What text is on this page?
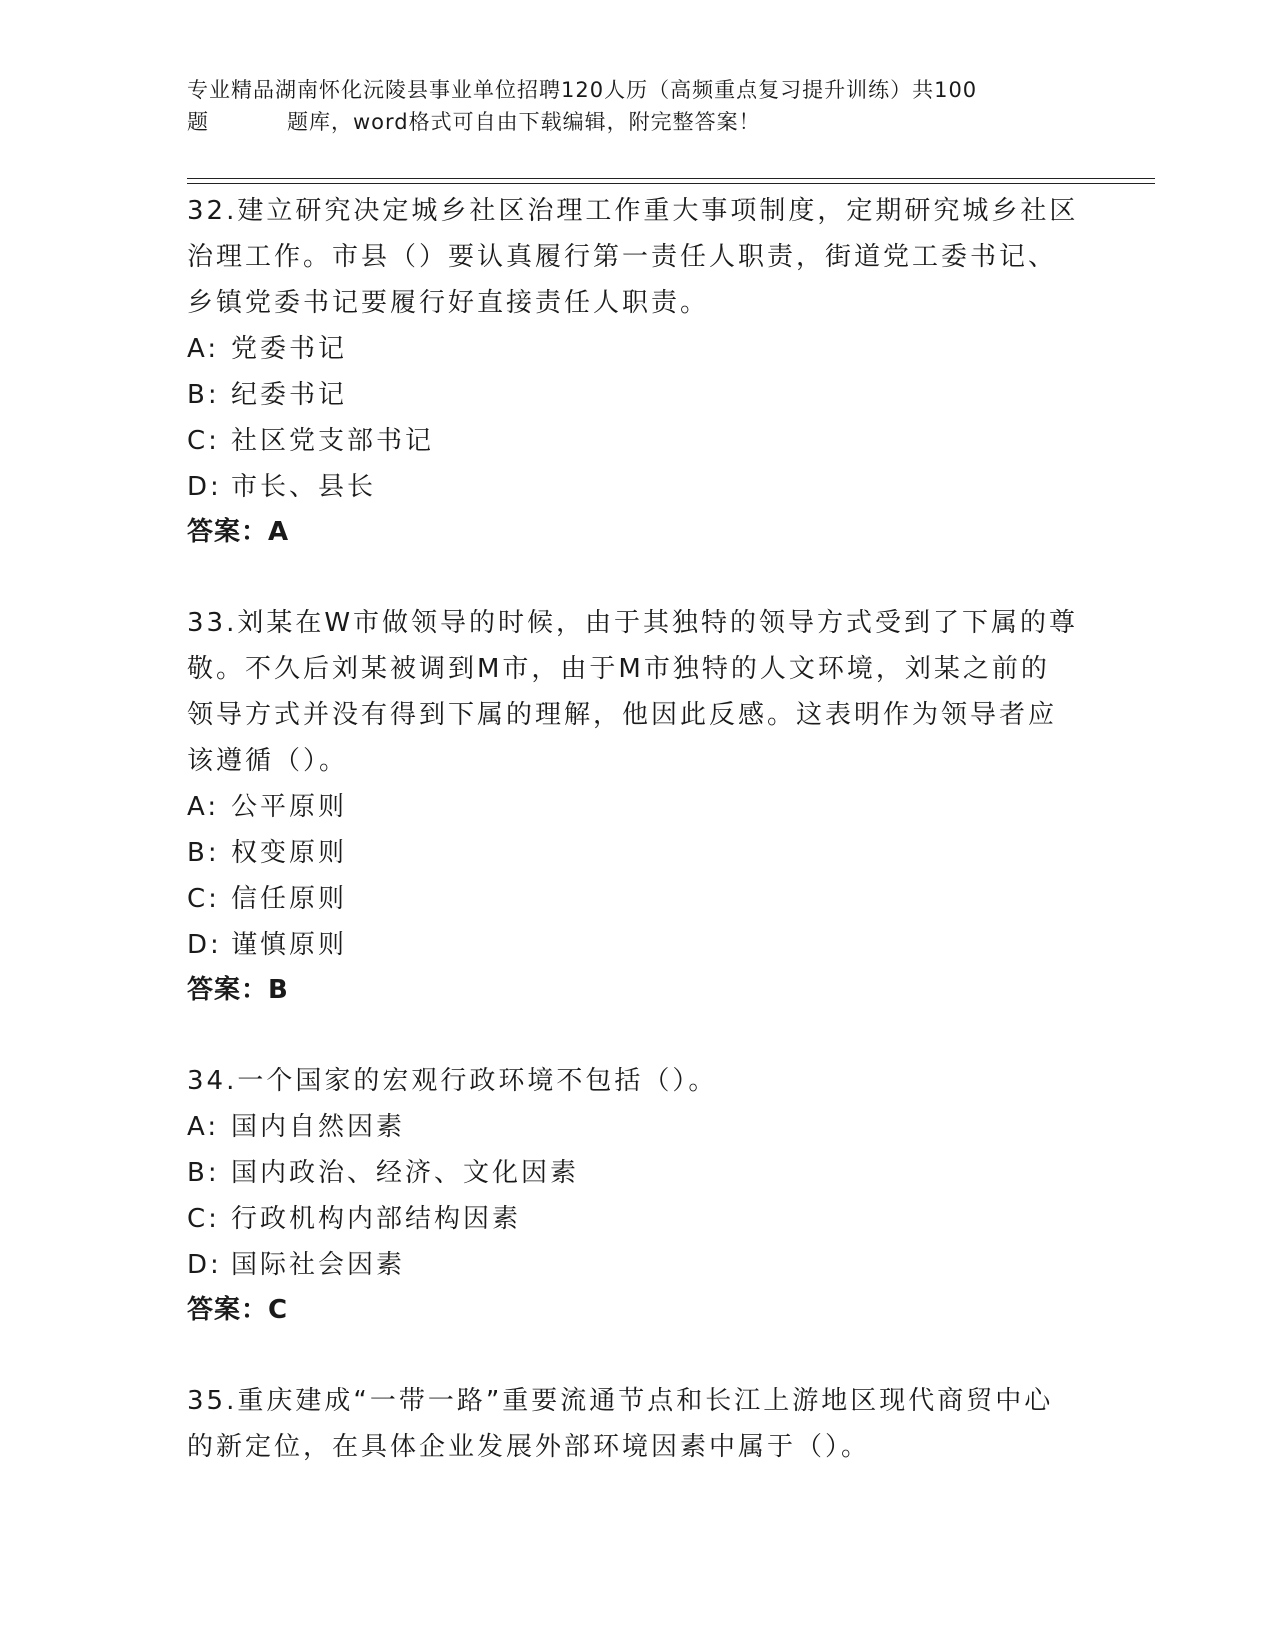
专业精品湖南怀化沅陵县事业单位招聘120人历（高频重点复习提升训练）共100
题	题库，word格式可自由下载编辑，附完整答案！
32.建立研究决定城乡社区治理工作重大事项制度，定期研究城乡社区
治理工作。市县（）要认真履行第一责任人职责，街道党工委书记、
乡镇党委书记要履行好直接责任人职责。
A: 党委书记
B: 纪委书记
C: 社区党支部书记
D: 市长、县长
答案：A
33.刘某在W市做领导的时候，由于其独特的领导方式受到了下属的尊
敬。不久后刘某被调到M市，由于M市独特的人文环境，刘某之前的
领导方式并没有得到下属的理解，他因此反感。这表明作为领导者应
该遵循（）。
A: 公平原则
B: 权变原则
C: 信任原则
D: 谨慎原则
答案：B
34.一个国家的宏观行政环境不包括（）。
A: 国内自然因素
B: 国内政治、经济、文化因素
C: 行政机构内部结构因素
D: 国际社会因素
答案：C
35.重庆建成“一带一路”重要流通节点和长江上游地区现代商贸中心
的新定位，在具体企业发展外部环境因素中属于（）。
